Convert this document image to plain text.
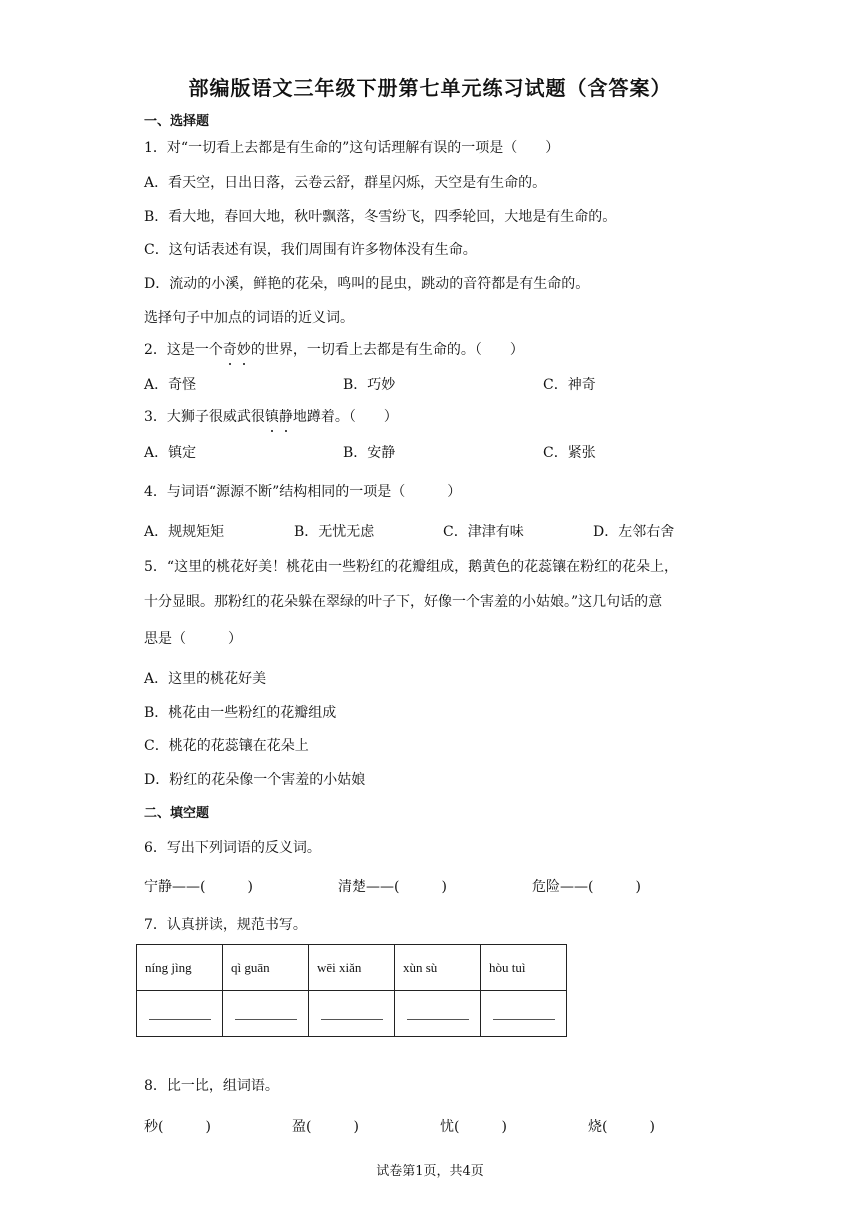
部编版语文三年级下册第七单元练习试题（含答案）
一、选择题
1．对“一切看上去都是有生命的”这句话理解有误的一项是（　　）
A．看天空，日出日落，云卷云舒，群星闪烁，天空是有生命的。
B．看大地，春回大地，秋叶飘落，冬雪纷飞，四季轮回，大地是有生命的。
C．这句话表述有误，我们周围有许多物体没有生命。
D．流动的小溪，鲜艳的花朵，鸣叫的昆虫，跳动的音符都是有生命的。
选择句子中加点的词语的近义词。
2．这是一个奇妙的世界，一切看上去都是有生命的。（　　）
A．奇怪	B．巧妙	C．神奇
3．大狮子很威武很镇静地蹲着。（　　）
A．镇定	B．安静	C．紧张
4．与词语“源源不断”结构相同的一项是（　　　）
A．规规矩矩	B．无忧无虑	C．津津有味	D．左邻右舍
5．“这里的桃花好美！桃花由一些粉红的花瓣组成，鹅黄色的花蕊镶在粉红的花朵上，
十分显眼。那粉红的花朵躲在翠绿的叶子下，好像一个害羞的小姑娘。”这几句话的意
思是（　　　）
A．这里的桃花好美
B．桃花由一些粉红的花瓣组成
C．桃花的花蕊镶在花朵上
D．粉红的花朵像一个害羞的小姑娘
二、填空题
6．写出下列词语的反义词。
宁静——(　　　)	清楚——(　　　)	危险——(　　　)
7．认真拼读，规范书写。
níng jìng	qì guān	wēi xiǎn	xùn sù	hòu tuì

8．比一比，组词语。
秒(　　　)	盈(　　　)	忧(　　　)	烧(　　　)
试卷第1页，共4页
